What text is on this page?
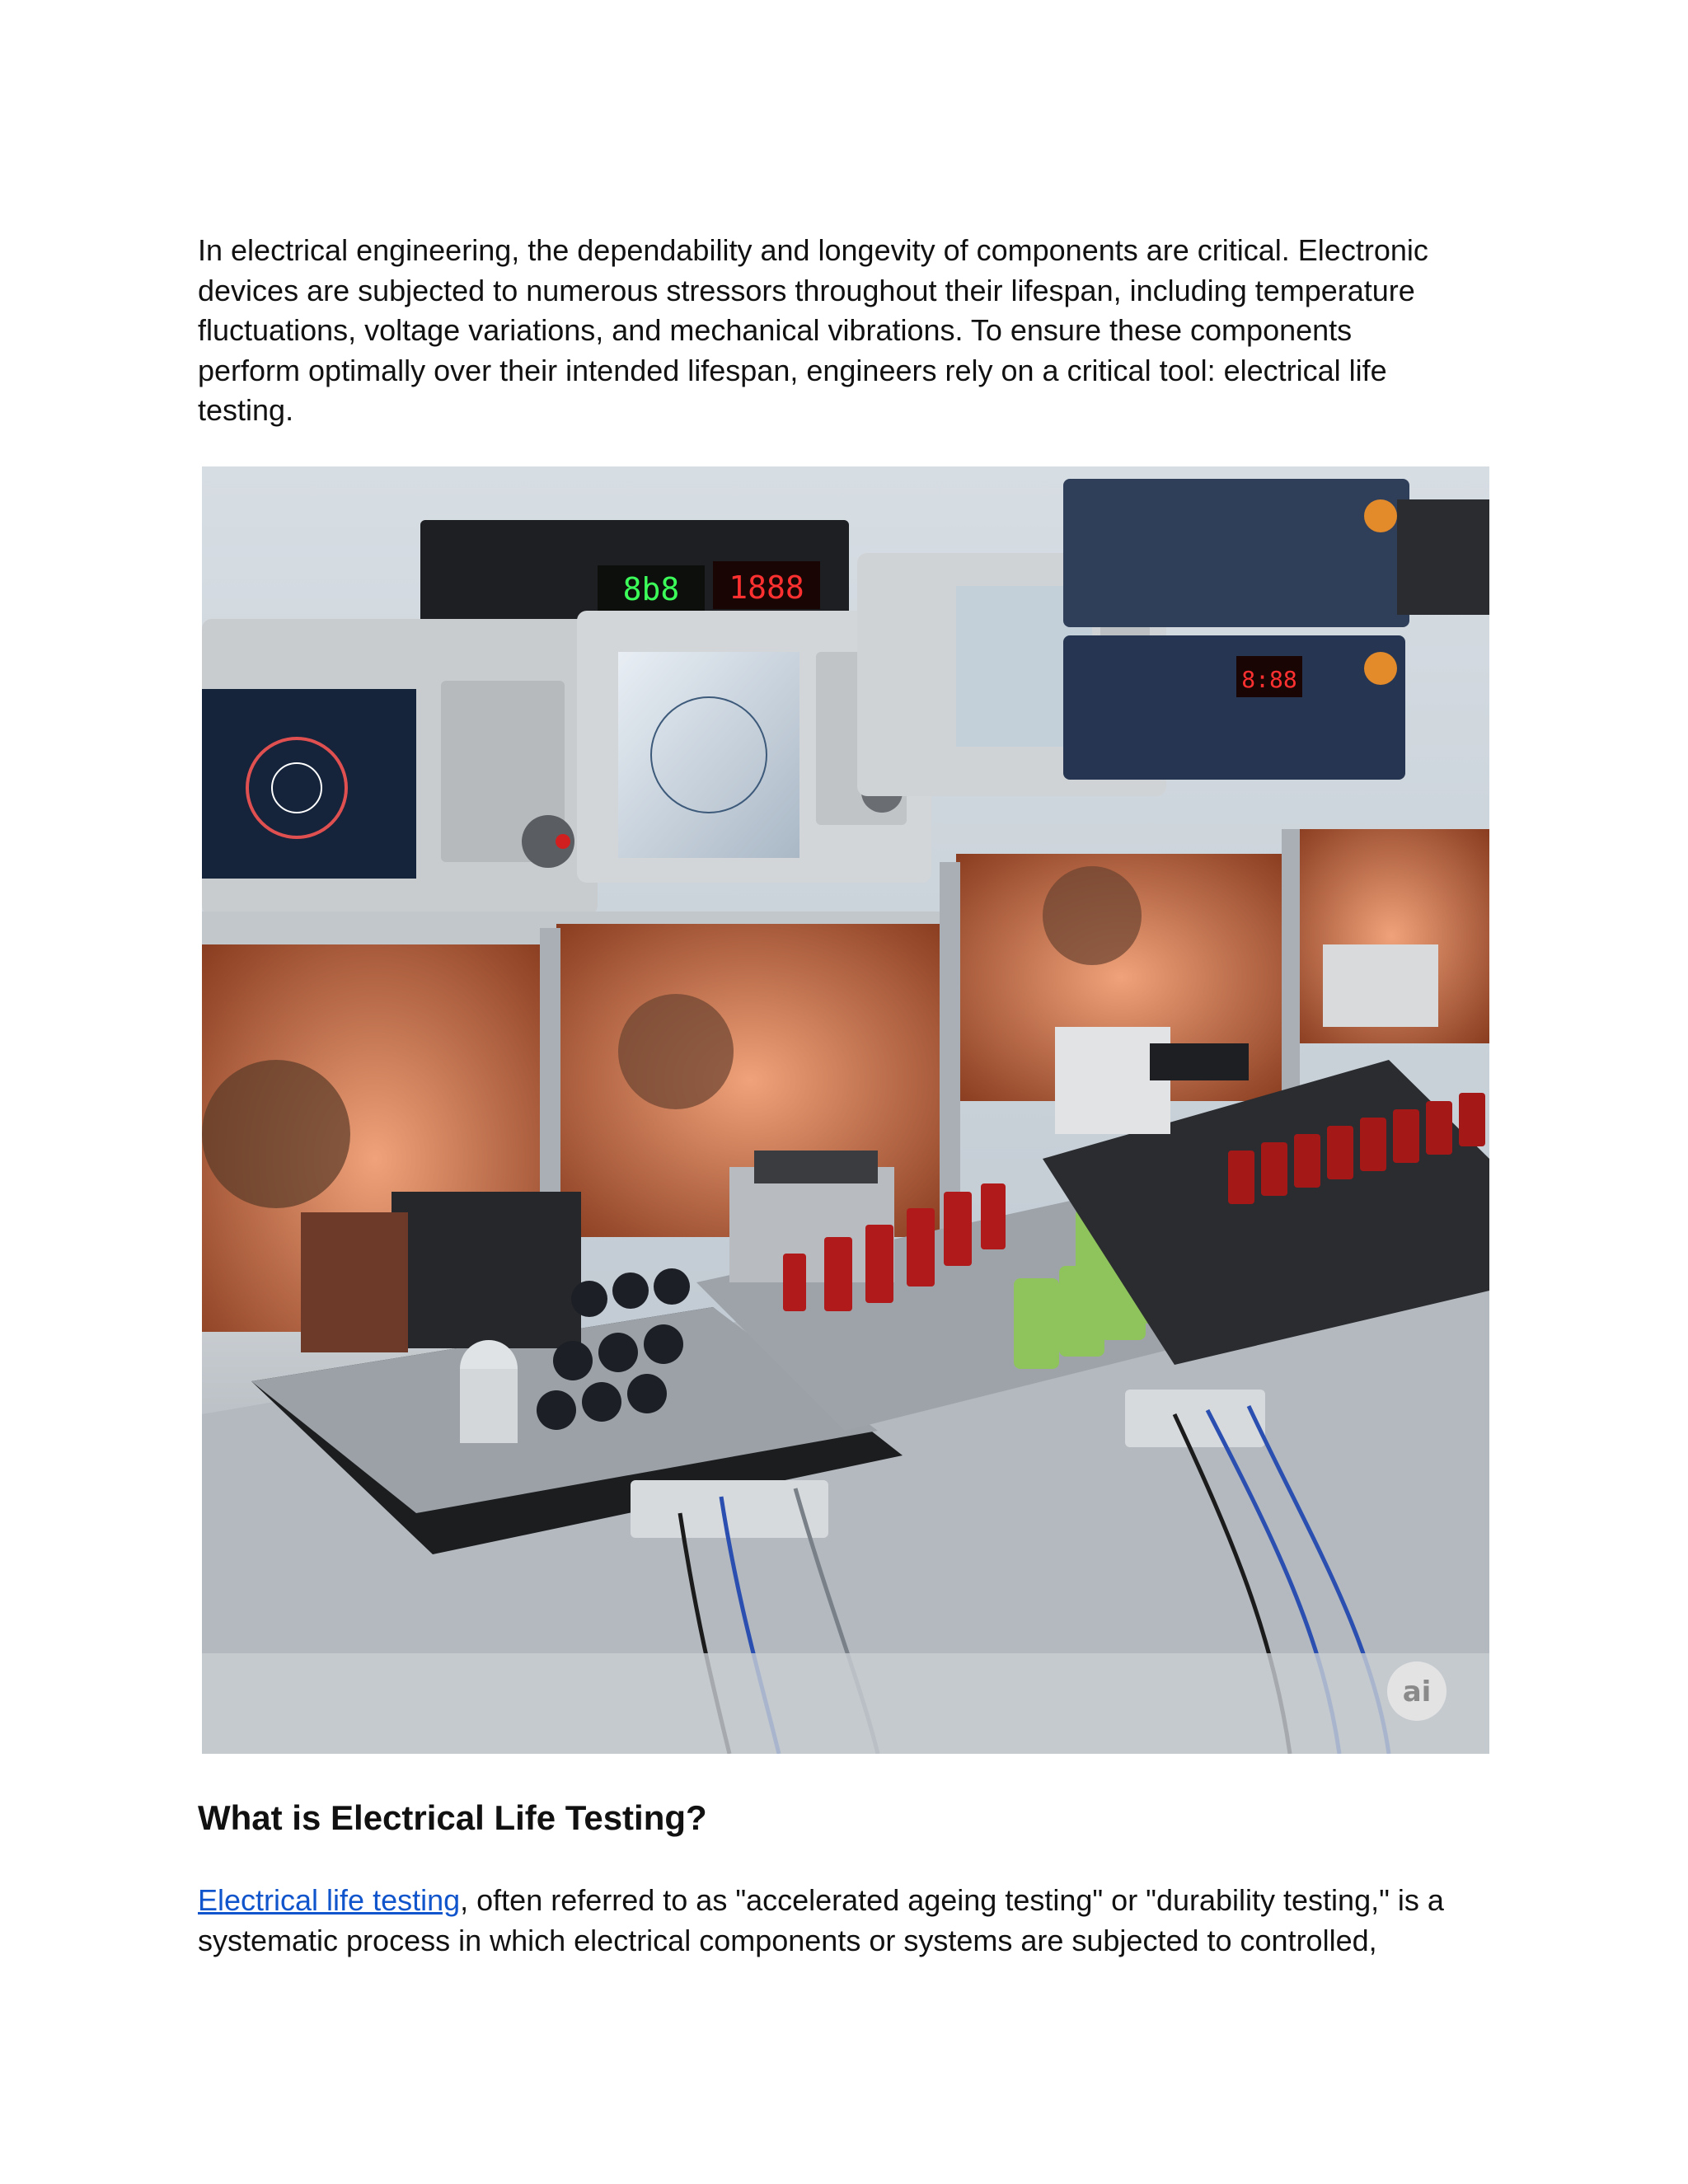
In electrical engineering, the dependability and longevity of components are critical. Electronic
devices are subjected to numerous stressors throughout their lifespan, including temperature
fluctuations, voltage variations, and mechanical vibrations. To ensure these components
perform optimally over their intended lifespan, engineers rely on a critical tool: electrical life
testing.
8b8 1888
8:88
ai
What is Electrical Life Testing?
Electrical life testing, often referred to as "accelerated ageing testing" or "durability testing," is a
systematic process in which electrical components or systems are subjected to controlled,
